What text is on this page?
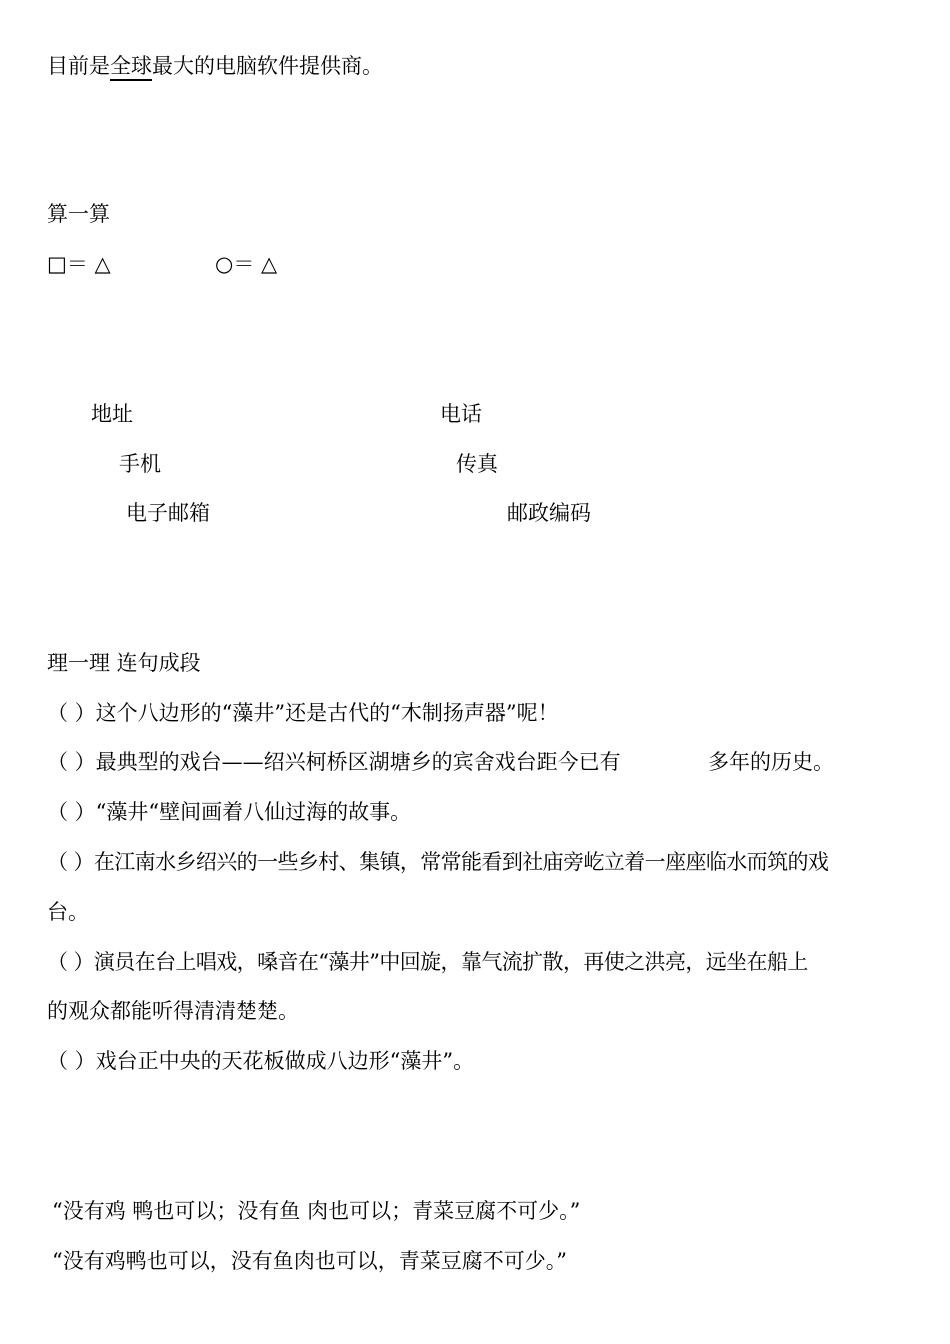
目前是全球最大的电脑软件提供商。
算一算
□＝ △	○＝ △
地址	电话
手机	传真
电子邮箱	邮政编码
理一理 连句成段
（ ）这个八边形的“藻井”还是古代的“木制扬声器”呢！
（ ）最典型的戏台——绍兴柯桥区湖塘乡的宾舍戏台距今已有	多年的历史。
（ ）“藻井“壁间画着八仙过海的故事。
（ ）在江南水乡绍兴的一些乡村、集镇，常常能看到社庙旁屹立着一座座临水而筑的戏
台。
（ ）演员在台上唱戏，嗓音在“藻井”中回旋，靠气流扩散，再使之洪亮，远坐在船上
的观众都能听得清清楚楚。
（ ）戏台正中央的天花板做成八边形“藻井”。
“没有鸡 鸭也可以；没有鱼 肉也可以；青菜豆腐不可少。”
“没有鸡鸭也可以，没有鱼肉也可以，青菜豆腐不可少。”
